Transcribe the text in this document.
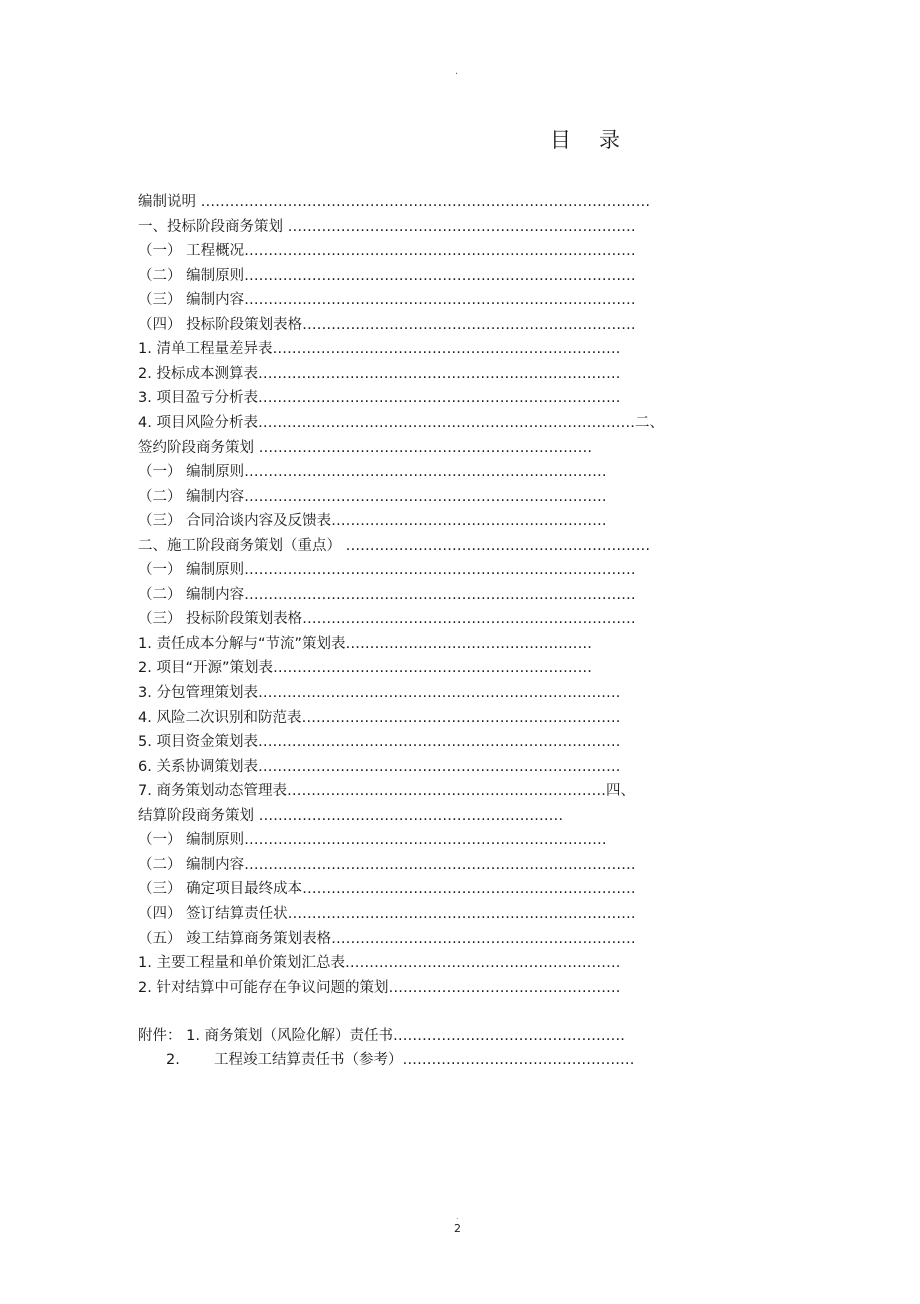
.
目 录
编制说明 …………………………………………………………………………………
一、投标阶段商务策划 ………………………………………………………………
（一） 工程概况………………………………………………………………………
（二） 编制原则………………………………………………………………………
（三） 编制内容………………………………………………………………………
（四） 投标阶段策划表格……………………………………………………………
1. 清单工程量差异表………………………………………………………………
2. 投标成本测算表…………………………………………………………………
3. 项目盈亏分析表…………………………………………………………………
4. 项目风险分析表……………………………………………………………………二、
签约阶段商务策划 ……………………………………………………………
（一） 编制原则…………………………………………………………………
（二） 编制内容…………………………………………………………………
（三） 合同洽谈内容及反馈表…………………………………………………
二、施工阶段商务策划（重点） ………………………………………………………
（一） 编制原则………………………………………………………………………
（二） 编制内容………………………………………………………………………
（三） 投标阶段策划表格……………………………………………………………
1. 责任成本分解与“节流”策划表……………………………………………
2. 项目“开源”策划表…………………………………………………………
3. 分包管理策划表…………………………………………………………………
4. 风险二次识别和防范表…………………………………………………………
5. 项目资金策划表…………………………………………………………………
6. 关系协调策划表…………………………………………………………………
7. 商务策划动态管理表…………………………………………………………四、
结算阶段商务策划 ………………………………………………………
（一） 编制原则…………………………………………………………………
（二） 编制内容………………………………………………………………………
（三） 确定项目最终成本……………………………………………………………
（四） 签订结算责任状………………………………………………………………
（五） 竣工结算商务策划表格………………………………………………………
1. 主要工程量和单价策划汇总表…………………………………………………
2. 针对结算中可能存在争议问题的策划…………………………………………
附件： 1. 商务策划（风险化解）责任书…………………………………………
2. 工程竣工结算责任书（参考）…………………………………………
.
2
